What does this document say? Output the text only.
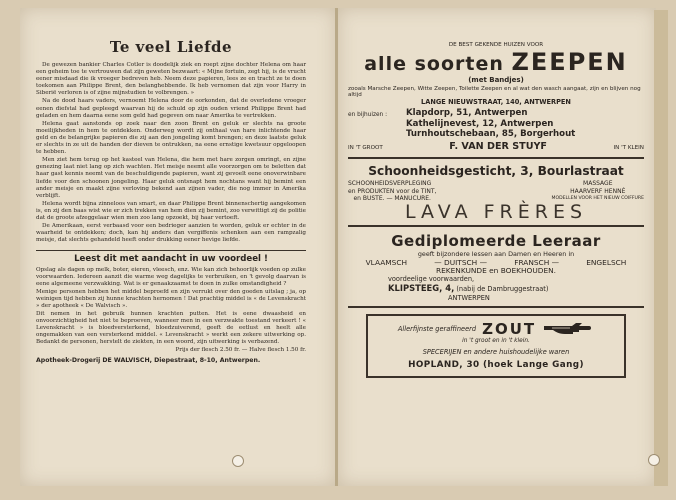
Te veel Liefde

De gewezen bankier Charles Cotler is doodelijk ziek en roept zijne dochter Helena om haar een geheim toe te vertrouwen dat zijn geweten bezwaart: « Mijne fortuin, zegt hij, is de vrucht eener misdaad die ik vroeger bedreven heb. Neem deze papieren, lees ze en tracht ze te doen toekomen aan Philippe Brent, den belanghebbende. Ik heb vernomen dat zijn voor Harry in Siberië verloren is of zijne mijnstudien te volbrengen. »

Na de dood haars vaders, vernoemt Helena door de oorkonden, dat de overledene vroeger eenen diefstal had gepleegd waarvan hij de schuld op zijn ouden vriend Philippe Brent had geladen en hem daarna eene som geld had gegeven om naar Amerika te vertrekken.

Helena gaat aanstonds op zoek naar den zoon Brent en geluk er slechts na groote moeilijkheden in hem te ontdekken. Onderweg wordt zij onthaal van hare inlichtende haar geld en de belangrijke papieren die zij aan den jongeling komt brengen; en deze laatste geluk er slechts in ze uit de handen der dieven te ontrukken, na eene ernstige kwetsuur opgeloopen te hebben.

Men ziet hem terug op het kasteel van Helena, die hem met hare zorgen omringt, en zijne genezing laat niet lang op zich wachten. Het meisje neemt alle voorzorgen om te beletten dat haar gast kennis neemt van de beschuldigende papieren, want zij gevoelt eene onoverwinbare liefde voor den schoonen jongeling. Haar geluk ontsnapt hem nochtans want hij bemint een ander meisje en maakt zijne verloving bekend aan zijnen vader, die nog immer in Amerika verblijft.

Helena wordt bijna zinneloos van smart, en daar Philippe Brent binnenschertig aangekomen is, en zij den baas wist wie er zich trekken van hem dien zij bemint, zoo verwittigt zij de politie dat de groote afzeggelaar wien men zoo lang opzoekt, bij haar vertoeft.

De Amerikaan, eerst verbaasd voor een bedrieger aanzien te worden, geluk er echter in de waarheid te ontdekken; doch, kan hij anders dan vergiffenis schenken aan een rampzalig meisje, dat slechts gehandeld heeft onder drukking eener hevige liefde.

Leest dit met aandacht in uw voordeel !

Opslag als dagen op melk, boter, eieren, vleesch, enz. Wie kan zich behoorlijk voeden op zulke voorwaarden. Iedereen aanzit die warme weg dagelijks te verbruiken, en 't gevolg daarvan is eene algemeene verzwakking. Wat is er genaakzaamst te doen in zulke omstandigheid ?

Menige personen hebben het middel beproefd en zijn verrukt over den goeden uitslag ; ja, op weinigen tijd hebben zij hunne krachten hernomen ! Dat prachtig middel is « de Levenskracht » der apotheek « De Walvisch ».

Dit nemen in het gebruik hunnen krachten putten. Het is eene dwaasheid en onvoorzichtigheid het niet te beproeven, wanneer men in een verzwakte toestand verkeert ! « Levenskracht » is bloedversterkend, bloedzuiverend, geeft de eetlust en heelt alle ongemakken van een versterkend middel. « Levenskracht » werkt een zekere uitwerking op. Bedankt de personen, herstelt de ziekten, in een woord, zijn uitwerking is verbazend.

Prijs der flesch 2.50 fr. — Halve flesch 1.50 fr.
Apotheek-Drogerij DE WALVISCH, Diepestraat, 8-10, Antwerpen.
DE BEST GEKENDE HUIZEN VOOR
alle soorten ZEEPEN
(met Bandjes)
zooals Marsche Zeepen, Witte Zeepen, Toilette Zeepen en al wat den wasch aangaat, zijn en blijven nog altijd
LANGE NIEUWSTRAAT, 140, ANTWERPEN
en bijhuizen :	Klapdorp, 51, Antwerpen
Kathelijnevest, 12, Antwerpen
Turnhoutschebaan, 85, Borgerhout
IN 'T GROOT	F. VAN DER STUYF	IN 'T KLEIN
Schoonheidsgesticht, 3, Bourlastraat
SCHOONHEIDSVERPLEGING
en PRODUKTEN voor de TINT,
en BUSTE. — MANUCURE.
MASSAGE
HAARVERF HENNÉ
MODELLEN VOOR HET NIEUW COIFFURE
LAVA FRÈRES
Gediplomeerde Leeraar
geeft bijzondere lessen aan Damen en Heeren in
VLAAMSCH	— DUITSCH —	FRANSCH —	ENGELSCH
REKENKUNDE en BOEKHOUDEN.
voordeelige voorwaarden,
KLIPSTEEG, 4, (nabij de Dambruggestraat)
ANTWERPEN
Allerfijnste geraffineerd ZOUT
in 't groot en in 't klein.
SPECERIJEN en andere huishoudelijke waren
HOPLAND, 30 (hoek Lange Gang)
